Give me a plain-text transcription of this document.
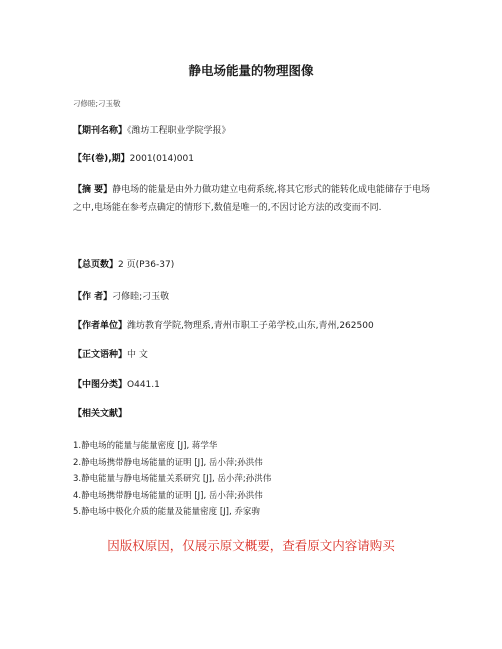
静电场能量的物理图像
刁修睦;刁玉敬
【期刊名称】《潍坊工程职业学院学报》
【年(卷),期】2001(014)001
【摘 要】静电场的能量是由外力做功建立电荷系统,将其它形式的能转化成电能储存于电场之中,电场能在参考点确定的情形下,数值是唯一的,不因讨论方法的改变而不同.
【总页数】2 页(P36-37)
【作 者】刁修睦;刁玉敬
【作者单位】潍坊教育学院,物理系,青州市职工子弟学校,山东,青州,262500
【正文语种】中 文
【中图分类】O441.1
【相关文献】
1.静电场的能量与能量密度 [J], 蒋学华
2.静电场携带静电场能量的证明 [J], 岳小萍;孙洪伟
3.静电能量与静电场能量关系研究 [J], 岳小萍;孙洪伟
4.静电场携带静电场能量的证明 [J], 岳小萍;孙洪伟
5.静电场中极化介质的能量及能量密度 [J], 乔家驹
因版权原因，仅展示原文概要，查看原文内容请购买
